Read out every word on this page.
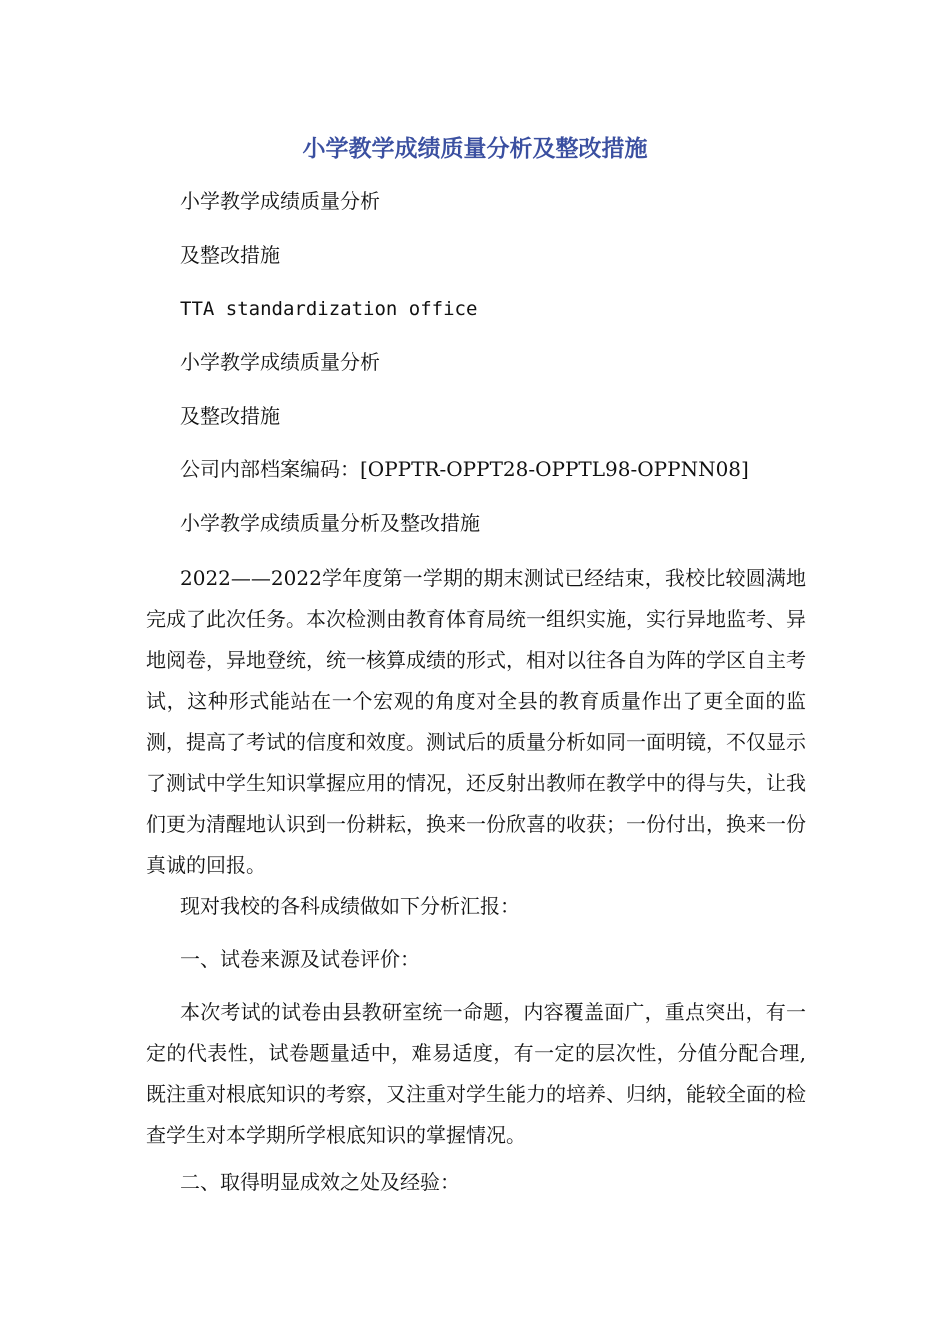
小学教学成绩质量分析及整改措施

小学教学成绩质量分析

及整改措施

TTA standardization office

小学教学成绩质量分析

及整改措施

公司内部档案编码：[OPPTR-OPPT28-OPPTL98-OPPNN08]

小学教学成绩质量分析及整改措施

2022——2022学年度第一学期的期末测试已经结束，我校比较圆满地完成了此次任务。本次检测由教育体育局统一组织实施，实行异地监考、异地阅卷，异地登统，统一核算成绩的形式，相对以往各自为阵的学区自主考试，这种形式能站在一个宏观的角度对全县的教育质量作出了更全面的监测，提高了考试的信度和效度。测试后的质量分析如同一面明镜，不仅显示了测试中学生知识掌握应用的情况，还反射出教师在教学中的得与失，让我们更为清醒地认识到一份耕耘，换来一份欣喜的收获；一份付出，换来一份真诚的回报。

现对我校的各科成绩做如下分析汇报：

一、试卷来源及试卷评价：

本次考试的试卷由县教研室统一命题，内容覆盖面广，重点突出，有一定的代表性，试卷题量适中，难易适度，有一定的层次性，分值分配合理,既注重对根底知识的考察，又注重对学生能力的培养、归纳，能较全面的检查学生对本学期所学根底知识的掌握情况。

二、取得明显成效之处及经验：
